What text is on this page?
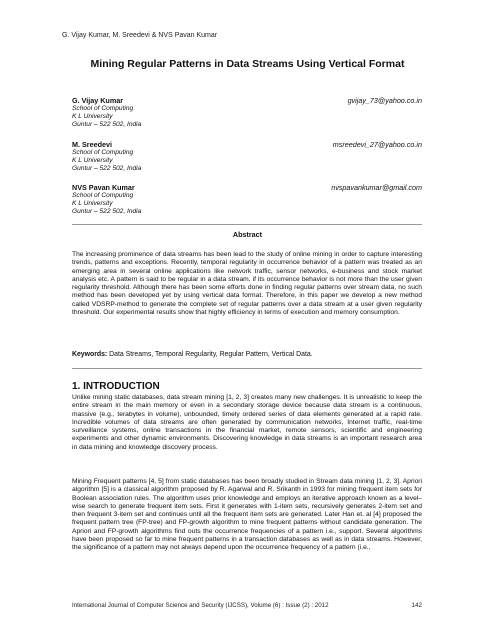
G. Vijay Kumar, M. Sreedevi & NVS Pavan Kumar
Mining Regular Patterns in Data Streams Using Vertical Format
G. Vijay Kumar	gvijay_73@yahoo.co.in
School of Computing
K L University
Guntur – 522 502, India
M. Sreedevi	msreedevi_27@yahoo.co.in
School of Computing
K L University
Guntur – 522 502, India
NVS Pavan Kumar	nvspavankumar@gmail.com
School of Computing
K L University
Guntur – 522 502, India
Abstract

The increasing prominence of data streams has been lead to the study of online mining in order to capture interesting trends, patterns and exceptions. Recently, temporal regularity in occurrence behavior of a pattern was treated as an emerging area in several online applications like network traffic, sensor networks, e-business and stock market analysis etc. A pattern is said to be regular in a data stream, if its occurrence behavior is not more than the user given regularity threshold. Although there has been some efforts done in finding regular patterns over stream data, no such method has been developed yet by using vertical data format. Therefore, in this paper we develop a new method called VDSRP-method to generate the complete set of regular patterns over a data stream at a user given regularity threshold. Our experimental results show that highly efficiency in terms of execution and memory consumption.

Keywords: Data Streams, Temporal Regularity, Regular Pattern, Vertical Data.
1. INTRODUCTION

Unlike mining static databases, data stream mining [1, 2, 3] creates many new challenges. It is unrealistic to keep the entire stream in the main memory or even in a secondary storage device because data stream is a continuous, massive (e.g., terabytes in volume), unbounded, timely ordered series of data elements generated at a rapid rate. Incredible volumes of data streams are often generated by communication networks, Internet traffic, real-time surveillance systems, online transactions in the financial market, remote sensors, scientific and engineering experiments and other dynamic environments. Discovering knowledge in data streams is an important research area in data mining and knowledge discovery process.

Mining Frequent patterns [4, 5] from static databases has been broadly studied in Stream data mining [1, 2, 3]. Apriori algorithm [5] is a classical algorithm proposed by R. Agarwal and R. Srikanth in 1993 for mining frequent item sets for Boolean association rules. The algorithm uses prior knowledge and employs an iterative approach known as a level–wise search to generate frequent item sets. First it generates with 1-item sets, recursively generates 2-item set and then frequent 3-item set and continues until all the frequent item sets are generated. Later Han et. al [4] proposed the frequent pattern tree (FP-tree) and FP-growth algorithm to mine frequent patterns without candidate generation. The Apriori and FP-growth algorithms find outs the occurrence frequencies of a pattern i.e., support. Several algorithms have been proposed so far to mine frequent patterns in a transaction databases as well as in data streams. However, the significance of a pattern may not always depend upon the occurrence frequency of a pattern (i.e.,

International Journal of Computer Science and Security (IJCSS), Volume (6) : Issue (2) : 2012	142
